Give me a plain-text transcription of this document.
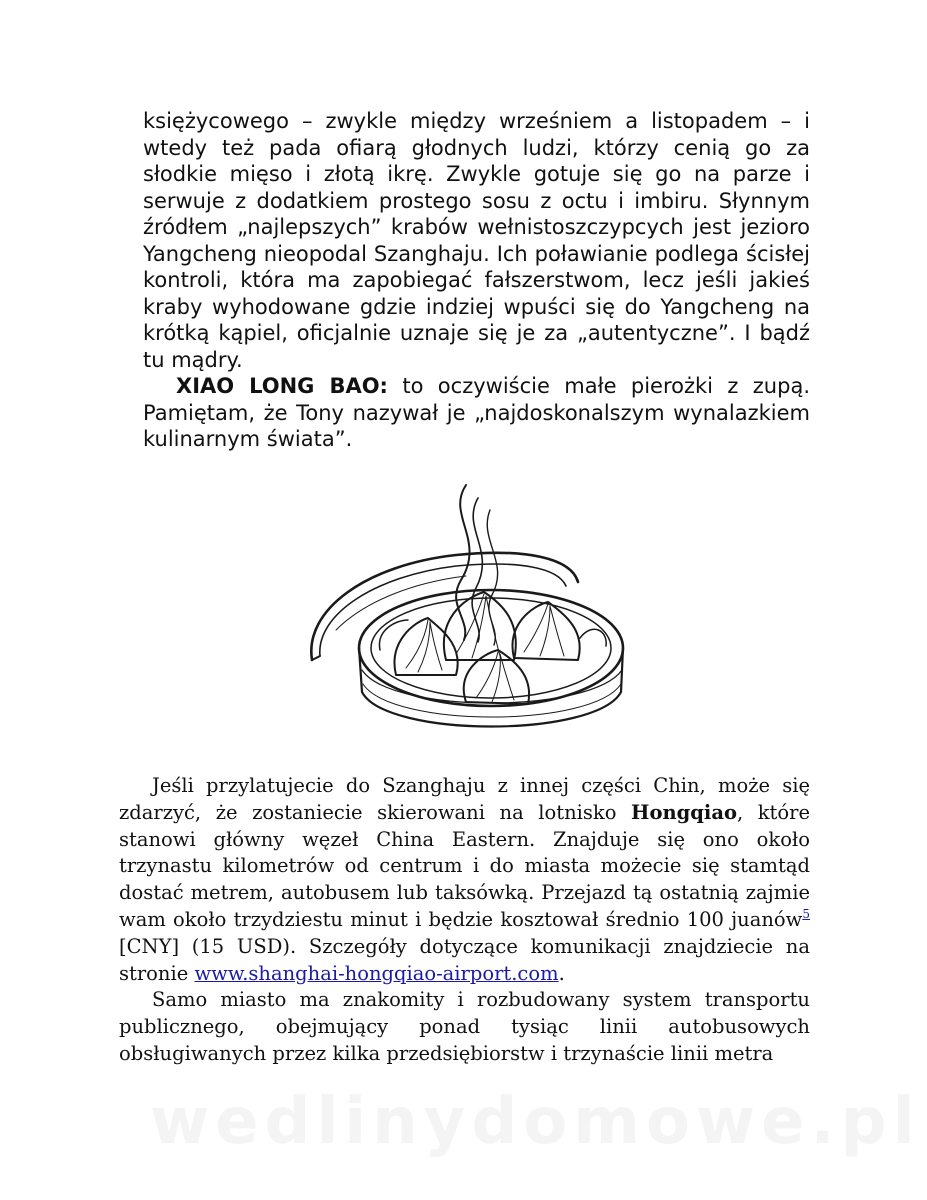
księżycowego – zwykle między wrześniem a listopadem – i wtedy też pada ofiarą głodnych ludzi, którzy cenią go za słodkie mięso i złotą ikrę. Zwykle gotuje się go na parze i serwuje z dodatkiem prostego sosu z octu i imbiru. Słynnym źródłem „najlepszych” krabów wełnistoszczypcych jest jezioro Yangcheng nieopodal Szanghaju. Ich poławianie podlega ścisłej kontroli, która ma zapobiegać fałszerstwom, lecz jeśli jakieś kraby wyhodowane gdzie indziej wpuści się do Yangcheng na krótką kąpiel, oficjalnie uznaje się je za „autentyczne”. I bądź tu mądry.

XIAO LONG BAO: to oczywiście małe pierożki z zupą. Pamiętam, że Tony nazywał je „najdoskonalszym wynalazkiem kulinarnym świata”.

Jeśli przylatujecie do Szanghaju z innej części Chin, może się zdarzyć, że zostaniecie skierowani na lotnisko Hongqiao, które stanowi główny węzeł China Eastern. Znajduje się ono około trzynastu kilometrów od centrum i do miasta możecie się stamtąd dostać metrem, autobusem lub taksówką. Przejazd tą ostatnią zajmie wam około trzydziestu minut i będzie kosztował średnio 100 juanów$^5$ [CNY] (15 USD). Szczegóły dotyczące komunikacji znajdziecie na stronie www.shanghai-hongqiao-airport.com.

Samo miasto ma znakomity i rozbudowany system transportu publicznego, obejmujący ponad tysiąc linii autobusowych obsługiwanych przez kilka przedsiębiorstw i trzynaście linii metra

wedlinydomowe.pl
